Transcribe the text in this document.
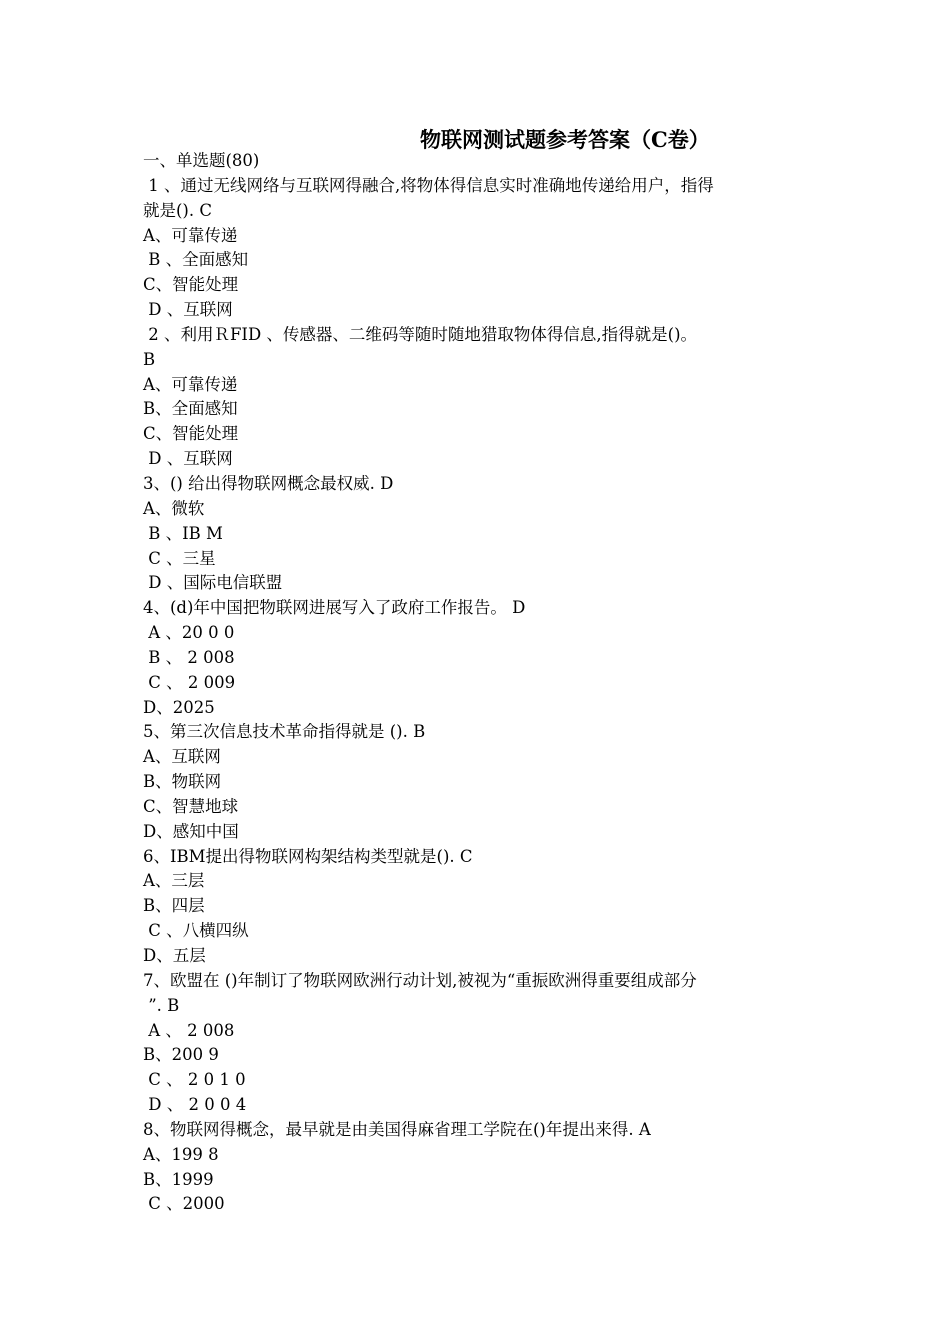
物联网测试题参考答案（C卷）
一、单选题(80)
1 、通过无线网络与互联网得融合,将物体得信息实时准确地传递给用户，指得
就是(). C
A、可靠传递
B 、全面感知
C、智能处理
D 、互联网
2 、利用ＲFID 、传感器、二维码等随时随地猎取物体得信息,指得就是()。
B
A、可靠传递
B、全面感知
C、智能处理
D 、互联网
3、() 给出得物联网概念最权威. D
A、微软
B 、IB M
C 、三星
D 、国际电信联盟
4、(d)年中国把物联网进展写入了政府工作报告。 D
A 、20 0 0
B 、 2 008
C 、 2 009
D、2025
5、第三次信息技术革命指得就是 (). B
A、互联网
B、物联网
C、智慧地球
D、感知中国
6、IBM提出得物联网构架结构类型就是(). C
A、三层
B、四层
C 、八横四纵
D、五层
7、欧盟在 ()年制订了物联网欧洲行动计划,被视为“重振欧洲得重要组成部分
”. B
A 、 2 008
B、200 9
C 、 2 0 1 0
D 、 2 0 0 4
8、物联网得概念，最早就是由美国得麻省理工学院在()年提出来得. A
A、199 8
B、1999
C 、2000
